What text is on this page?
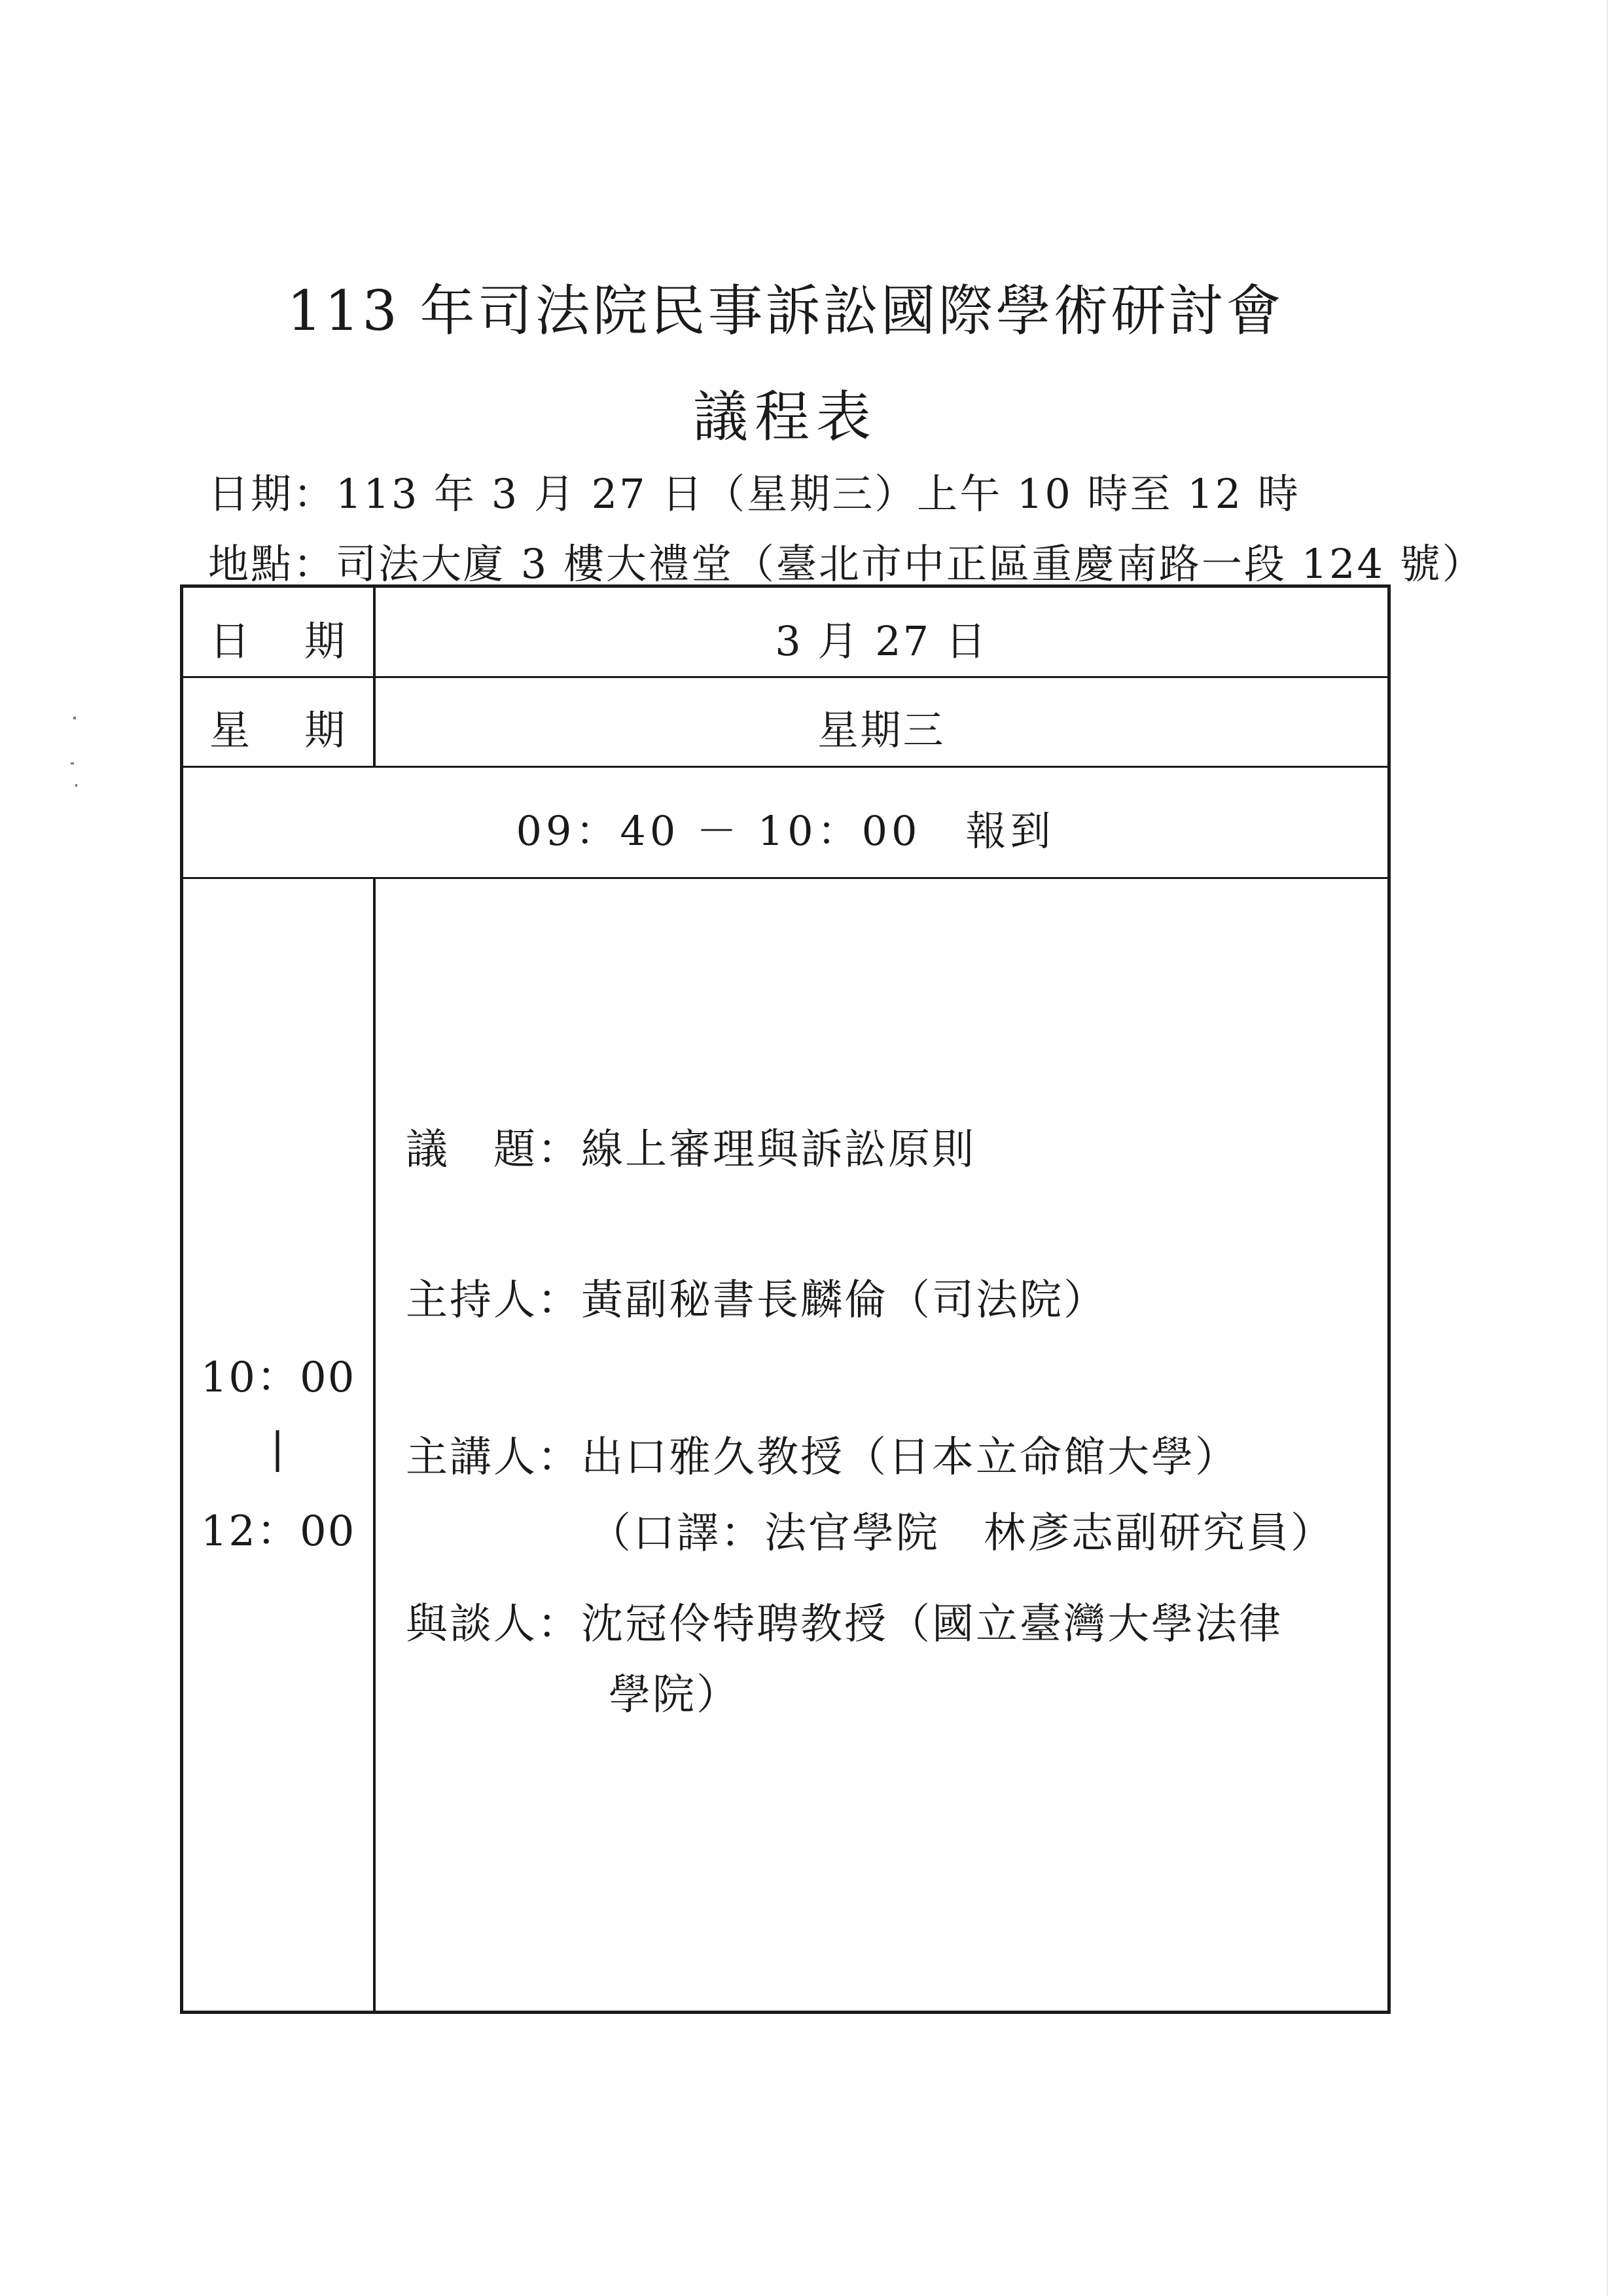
113 年司法院民事訴訟國際學術研討會
議程表
日期：113 年 3 月 27 日（星期三）上午 10 時至 12 時
地點：司法大廈 3 樓大禮堂（臺北市中正區重慶南路一段 124 號）
日 期	3 月 27 日
星 期	星期三
09：40 － 10：00　報到
10：00
|
12：00
議　題：線上審理與訴訟原則
主持人：黃副秘書長麟倫（司法院）
主講人：出口雅久教授（日本立命館大學）
（口譯：法官學院　林彥志副研究員）
與談人：沈冠伶特聘教授（國立臺灣大學法律
學院）
